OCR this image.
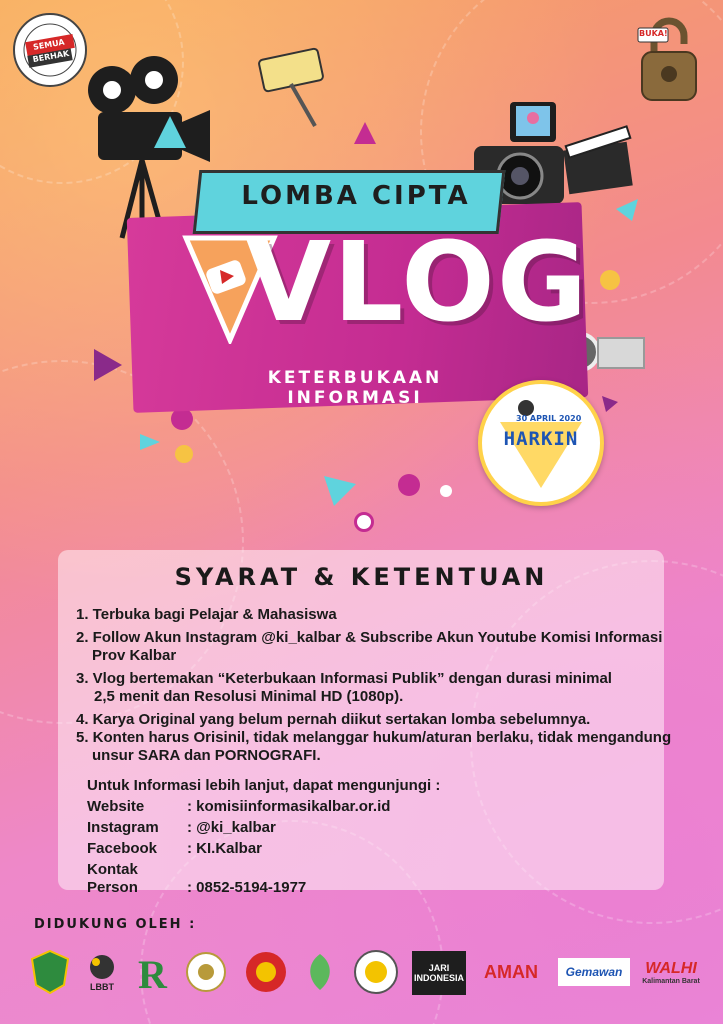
SEMUA BERHAK TAHU!
BUKA!
LOMBA CIPTA
VLOG
KETERBUKAAN INFORMASI
30 APRIL 2020
HARKIN
SYARAT & KETENTUAN
1. Terbuka bagi Pelajar & Mahasiswa
2. Follow Akun Instagram @ki_kalbar & Subscribe Akun Youtube Komisi Informasi
Prov Kalbar
3. Vlog bertemakan “Keterbukaan Informasi Publik” dengan durasi minimal
2,5 menit dan Resolusi Minimal HD (1080p).
4. Karya Original yang belum pernah diikut sertakan lomba sebelumnya.
5. Konten harus Orisinil, tidak melanggar hukum/aturan berlaku, tidak mengandung
unsur SARA dan PORNOGRAFI.
Untuk Informasi lebih lanjut, dapat mengunjungi :
Website	: komisiinformasikalbar.or.id
Instagram : @ki_kalbar
Facebook : KI.Kalbar
Kontak Person	: 0852-5194-1977
DIDUKUNG OLEH :
LBBT R	JARI INDONESIA AMAN Gemawan WALHI
Kalimantan Barat
